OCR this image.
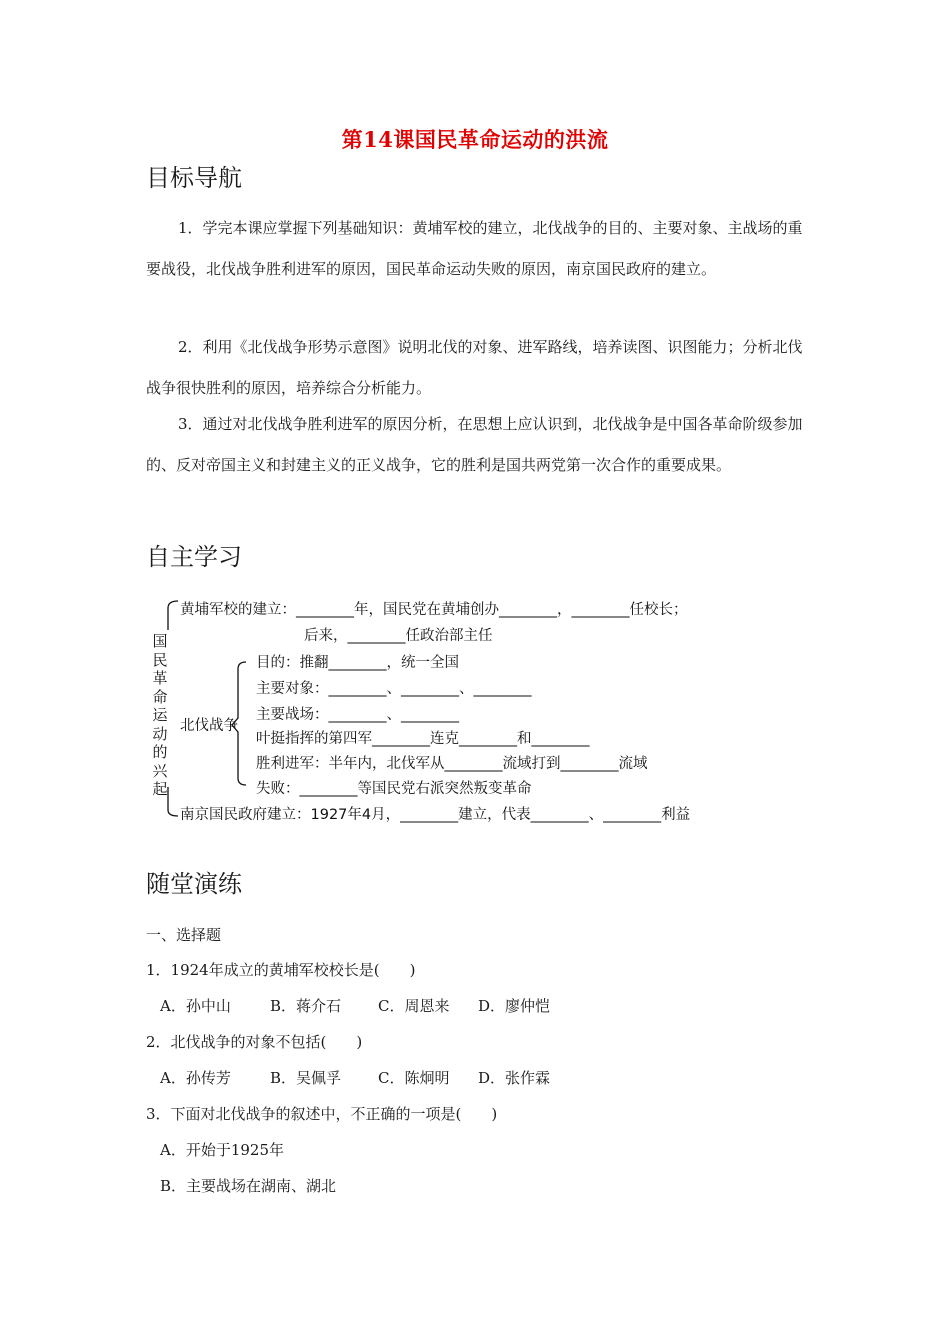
第14课国民革命运动的洪流
目标导航

1．学完本课应掌握下列基础知识：黄埔军校的建立，北伐战争的目的、主要对象、主战场的重要战役，北伐战争胜利进军的原因，国民革命运动失败的原因，南京国民政府的建立。

2．利用《北伐战争形势示意图》说明北伐的对象、进军路线，培养读图、识图能力；分析北伐战争很快胜利的原因，培养综合分析能力。

3．通过对北伐战争胜利进军的原因分析，在思想上应认识到，北伐战争是中国各革命阶级参加的、反对帝国主义和封建主义的正义战争，它的胜利是国共两党第一次合作的重要成果。

自主学习
国民革命运动的兴起
黄埔军校的建立：________年，国民党在黄埔创办________，________任校长；
后来，________任政治部主任
北伐战争
目的：推翻________，统一全国
主要对象：________、________、________
主要战场：________、________
叶挺指挥的第四军________连克________和________
胜利进军：半年内，北伐军从________流域打到________流域
失败：________等国民党右派突然叛变革命
南京国民政府建立：1927年4月，________建立，代表________、________利益
随堂演练

一、选择题

1．1924年成立的黄埔军校校长是(　　)

A．孙中山	B．蒋介石 C．周恩来 D．廖仲恺

2．北伐战争的对象不包括(　　)

A．孙传芳	B．吴佩孚 C．陈炯明 D．张作霖

3．下面对北伐战争的叙述中，不正确的一项是(　　)

A．开始于1925年

B．主要战场在湖南、湖北
